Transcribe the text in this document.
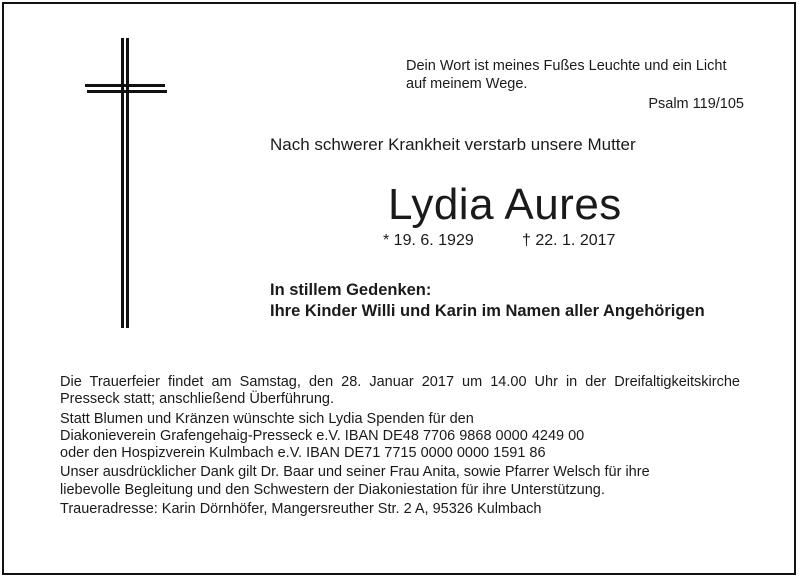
Dein Wort ist meines Fußes Leuchte und ein Licht
auf meinem Wege.
Psalm 119/105
Nach schwerer Krankheit verstarb unsere Mutter
Lydia Aures
* 19. 6. 1929	† 22. 1. 2017
In stillem Gedenken:
Ihre Kinder Willi und Karin im Namen aller Angehörigen
Die Trauerfeier findet am Samstag, den 28. Januar 2017 um 14.00 Uhr in der Dreifaltigkeitskirche
Presseck statt; anschließend Überführung.
Statt Blumen und Kränzen wünschte sich Lydia Spenden für den
Diakonieverein Grafengehaig-Presseck e.V. IBAN DE48 7706 9868 0000 4249 00
oder den Hospizverein Kulmbach e.V. IBAN DE71 7715 0000 0000 1591 86
Unser ausdrücklicher Dank gilt Dr. Baar und seiner Frau Anita, sowie Pfarrer Welsch für ihre
liebevolle Begleitung und den Schwestern der Diakoniestation für ihre Unterstützung.
Traueradresse: Karin Dörnhöfer, Mangersreuther Str. 2 A, 95326 Kulmbach
